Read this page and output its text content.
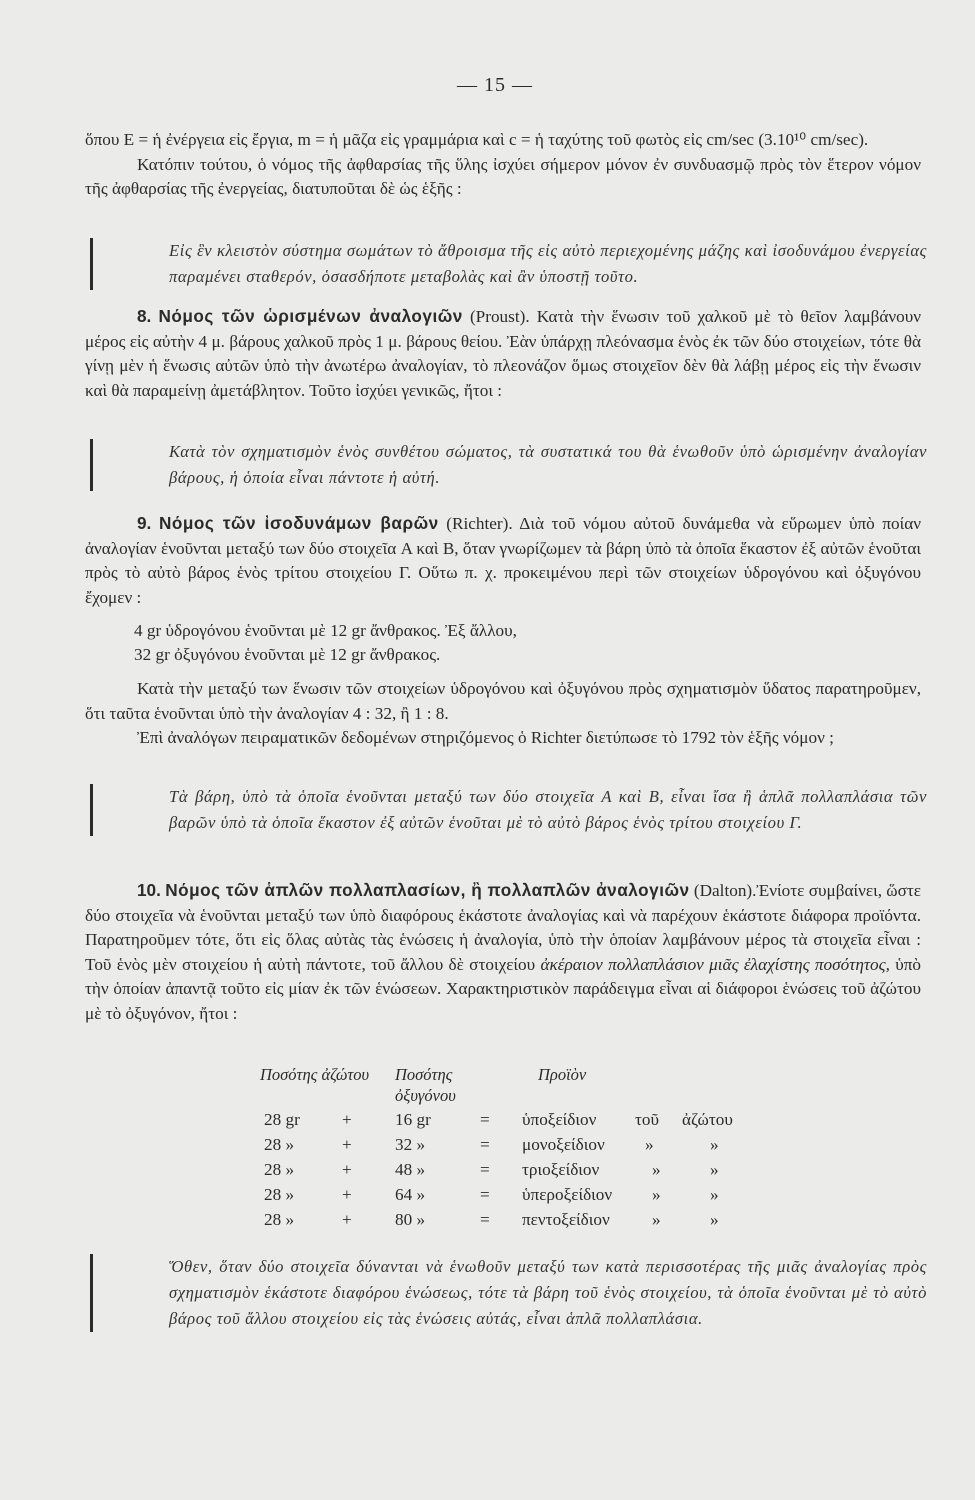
— 15 —

ὅπου E = ἡ ἐνέργεια εἰς ἔργια, m = ἡ μᾶζα εἰς γραμμάρια καὶ c = ἡ ταχύτης τοῦ φωτὸς εἰς cm/sec (3.10¹⁰ cm/sec).

Κατόπιν τούτου, ὁ νόμος τῆς ἀφθαρσίας τῆς ὕλης ἰσχύει σήμερον μόνον ἐν συνδυασμῷ πρὸς τὸν ἕτερον νόμον τῆς ἀφθαρσίας τῆς ἐνεργείας, διατυποῦται δὲ ὡς ἑξῆς :

Εἰς ἓν κλειστὸν σύστημα σωμάτων τὸ ἄθροισμα τῆς εἰς αὐτὸ περιεχομένης μάζης καὶ ἰσοδυνάμου ἐνεργείας παραμένει σταθερόν, ὁσασδήποτε μεταβολὰς καὶ ἂν ὑποστῇ τοῦτο.

8. Νόμος τῶν ὡρισμένων ἀναλογιῶν (Proust). Κατὰ τὴν ἕνωσιν τοῦ χαλκοῦ μὲ τὸ θεῖον λαμβάνουν μέρος εἰς αὐτὴν 4 μ. βάρους χαλκοῦ πρὸς 1 μ. βάρους θείου. Ἐὰν ὑπάρχῃ πλεόνασμα ἑνὸς ἐκ τῶν δύο στοιχείων, τότε θὰ γίνῃ μὲν ἡ ἕνωσις αὐτῶν ὑπὸ τὴν ἀνωτέρω ἀναλογίαν, τὸ πλεονάζον ὅμως στοιχεῖον δὲν θὰ λάβῃ μέρος εἰς τὴν ἕνωσιν καὶ θὰ παραμείνῃ ἀμετάβλητον. Τοῦτο ἰσχύει γενικῶς, ἤτοι :

Κατὰ τὸν σχηματισμὸν ἑνὸς συνθέτου σώματος, τὰ συστατικά του θὰ ἑνωθοῦν ὑπὸ ὡρισμένην ἀναλογίαν βάρους, ἡ ὁποία εἶναι πάντοτε ἡ αὐτή.

9. Νόμος τῶν ἰσοδυνάμων βαρῶν (Richter). Διὰ τοῦ νόμου αὐτοῦ δυνάμεθα νὰ εὕρωμεν ὑπὸ ποίαν ἀναλογίαν ἑνοῦνται μεταξύ των δύο στοιχεῖα A καὶ B, ὅταν γνωρίζωμεν τὰ βάρη ὑπὸ τὰ ὁποῖα ἕκαστον ἐξ αὐτῶν ἑνοῦται πρὸς τὸ αὐτὸ βάρος ἑνὸς τρίτου στοιχείου Γ. Οὕτω π. χ. προκειμένου περὶ τῶν στοιχείων ὑδρογόνου καὶ ὀξυγόνου ἔχομεν :

4 gr ὑδρογόνου ἑνοῦνται μὲ 12 gr ἄνθρακος. Ἐξ ἄλλου,
32 gr ὀξυγόνου ἑνοῦνται μὲ 12 gr ἄνθρακος.

Κατὰ τὴν μεταξύ των ἕνωσιν τῶν στοιχείων ὑδρογόνου καὶ ὀξυγόνου πρὸς σχηματισμὸν ὕδατος παρατηροῦμεν, ὅτι ταῦτα ἑνοῦνται ὑπὸ τὴν ἀναλογίαν 4 : 32, ἢ 1 : 8.

Ἐπὶ ἀναλόγων πειραματικῶν δεδομένων στηριζόμενος ὁ Richter διετύπωσε τὸ 1792 τὸν ἑξῆς νόμον ;

Τὰ βάρη, ὑπὸ τὰ ὁποῖα ἑνοῦνται μεταξύ των δύο στοιχεῖα A καὶ B, εἶναι ἴσα ἢ ἁπλᾶ πολλαπλάσια τῶν βαρῶν ὑπὸ τὰ ὁποῖα ἕκαστον ἐξ αὐτῶν ἑνοῦται μὲ τὸ αὐτὸ βάρος ἑνὸς τρίτου στοιχείου Γ.

10. Νόμος τῶν ἁπλῶν πολλαπλασίων, ἢ πολλαπλῶν ἀναλογιῶν (Dalton).Ἐνίοτε συμβαίνει, ὥστε δύο στοιχεῖα νὰ ἑνοῦνται μεταξύ των ὑπὸ διαφόρους ἑκάστοτε ἀναλογίας καὶ νὰ παρέχουν ἑκάστοτε διάφορα προϊόντα. Παρατηροῦμεν τότε, ὅτι εἰς ὅλας αὐτὰς τὰς ἑνώσεις ἡ ἀναλογία, ὑπὸ τὴν ὁποίαν λαμβάνουν μέρος τὰ στοιχεῖα εἶναι : Τοῦ ἑνὸς μὲν στοιχείου ἡ αὐτὴ πάντοτε, τοῦ ἄλλου δὲ στοιχείου ἀκέραιον πολλαπλάσιον μιᾶς ἐλαχίστης ποσότητος, ὑπὸ τὴν ὁποίαν ἀπαντᾷ τοῦτο εἰς μίαν ἐκ τῶν ἑνώσεων. Χαρακτηριστικὸν παράδειγμα εἶναι αἱ διάφοροι ἑνώσεις τοῦ ἀζώτου μὲ τὸ ὀξυγόνον, ἤτοι :

Ποσότης ἀζώτου Ποσότης ὀξυγόνου
Προϊὸν
28 gr +	16 gr	= ὑποξείδιον τοῦ ἀζώτου
28 »	+	32 »	= μονοξείδιον »	»
28 »	+	48 »	= τριοξείδιον	»	»
28 »	+	64 »	= ὑπεροξείδιον »	»
28 »	+	80 »	= πεντοξείδιον »	»
Ὅθεν, ὅταν δύο στοιχεῖα δύνανται νὰ ἑνωθοῦν μεταξύ των κατὰ περισσοτέρας τῆς μιᾶς ἀναλογίας πρὸς σχηματισμὸν ἑκάστοτε διαφόρου ἑνώσεως, τότε τὰ βάρη τοῦ ἑνὸς στοιχείου, τὰ ὁποῖα ἑνοῦνται μὲ τὸ αὐτὸ βάρος τοῦ ἄλλου στοιχείου εἰς τὰς ἑνώσεις αὐτάς, εἶναι ἁπλᾶ πολλαπλάσια.
